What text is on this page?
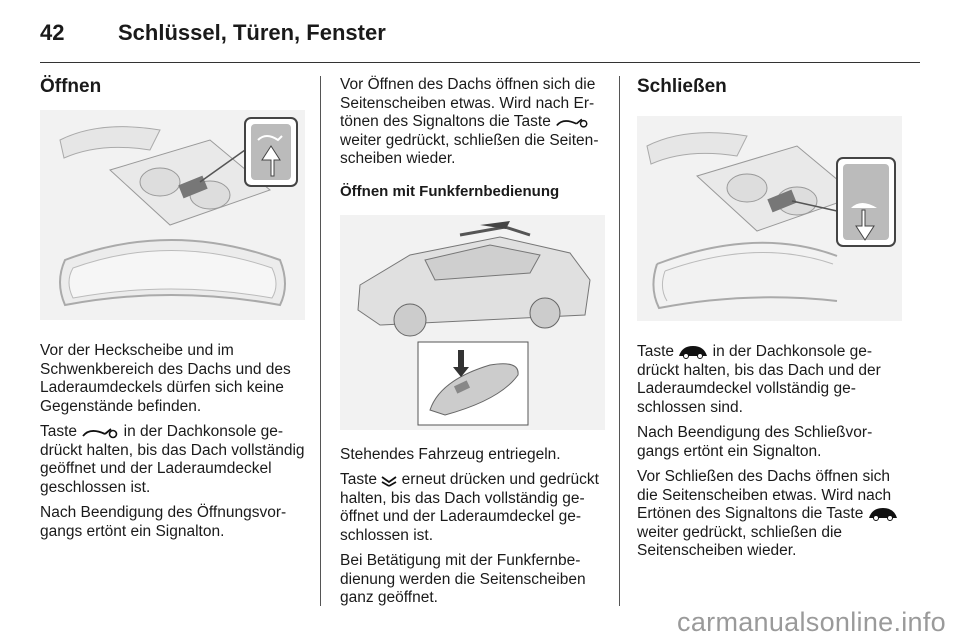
42 Schlüssel, Türen, Fenster
Öffnen

Vor der Heckscheibe und im Schwenkbereich des Dachs und des Laderaumdeckels dürfen sich keine Gegenstände befinden.

Taste  in der Dachkonsole gedrückt halten, bis das Dach vollständig geöffnet und der Laderaumdeckel geschlossen ist.

Nach Beendigung des Öffnungsvorgangs ertönt ein Signalton.

Vor Öffnen des Dachs öffnen sich die Seitenscheiben etwas. Wird nach Ertönen des Signaltons die Taste  weiter gedrückt, schließen die Seitenscheiben wieder.

Öffnen mit Funkfernbedienung

Stehendes Fahrzeug entriegeln.

Taste  erneut drücken und gedrückt halten, bis das Dach vollständig geöffnet und der Laderaumdeckel geschlossen ist.

Bei Betätigung mit der Funkfernbedienung werden die Seitenscheiben ganz geöffnet.

Schließen

Taste  in der Dachkonsole gedrückt halten, bis das Dach und der Laderaumdeckel vollständig geschlossen sind.

Nach Beendigung des Schließvorgangs ertönt ein Signalton.

Vor Schließen des Dachs öffnen sich die Seitenscheiben etwas. Wird nach Ertönen des Signaltons die Taste  weiter gedrückt, schließen die Seitenscheiben wieder.

carmanualsonline.info
